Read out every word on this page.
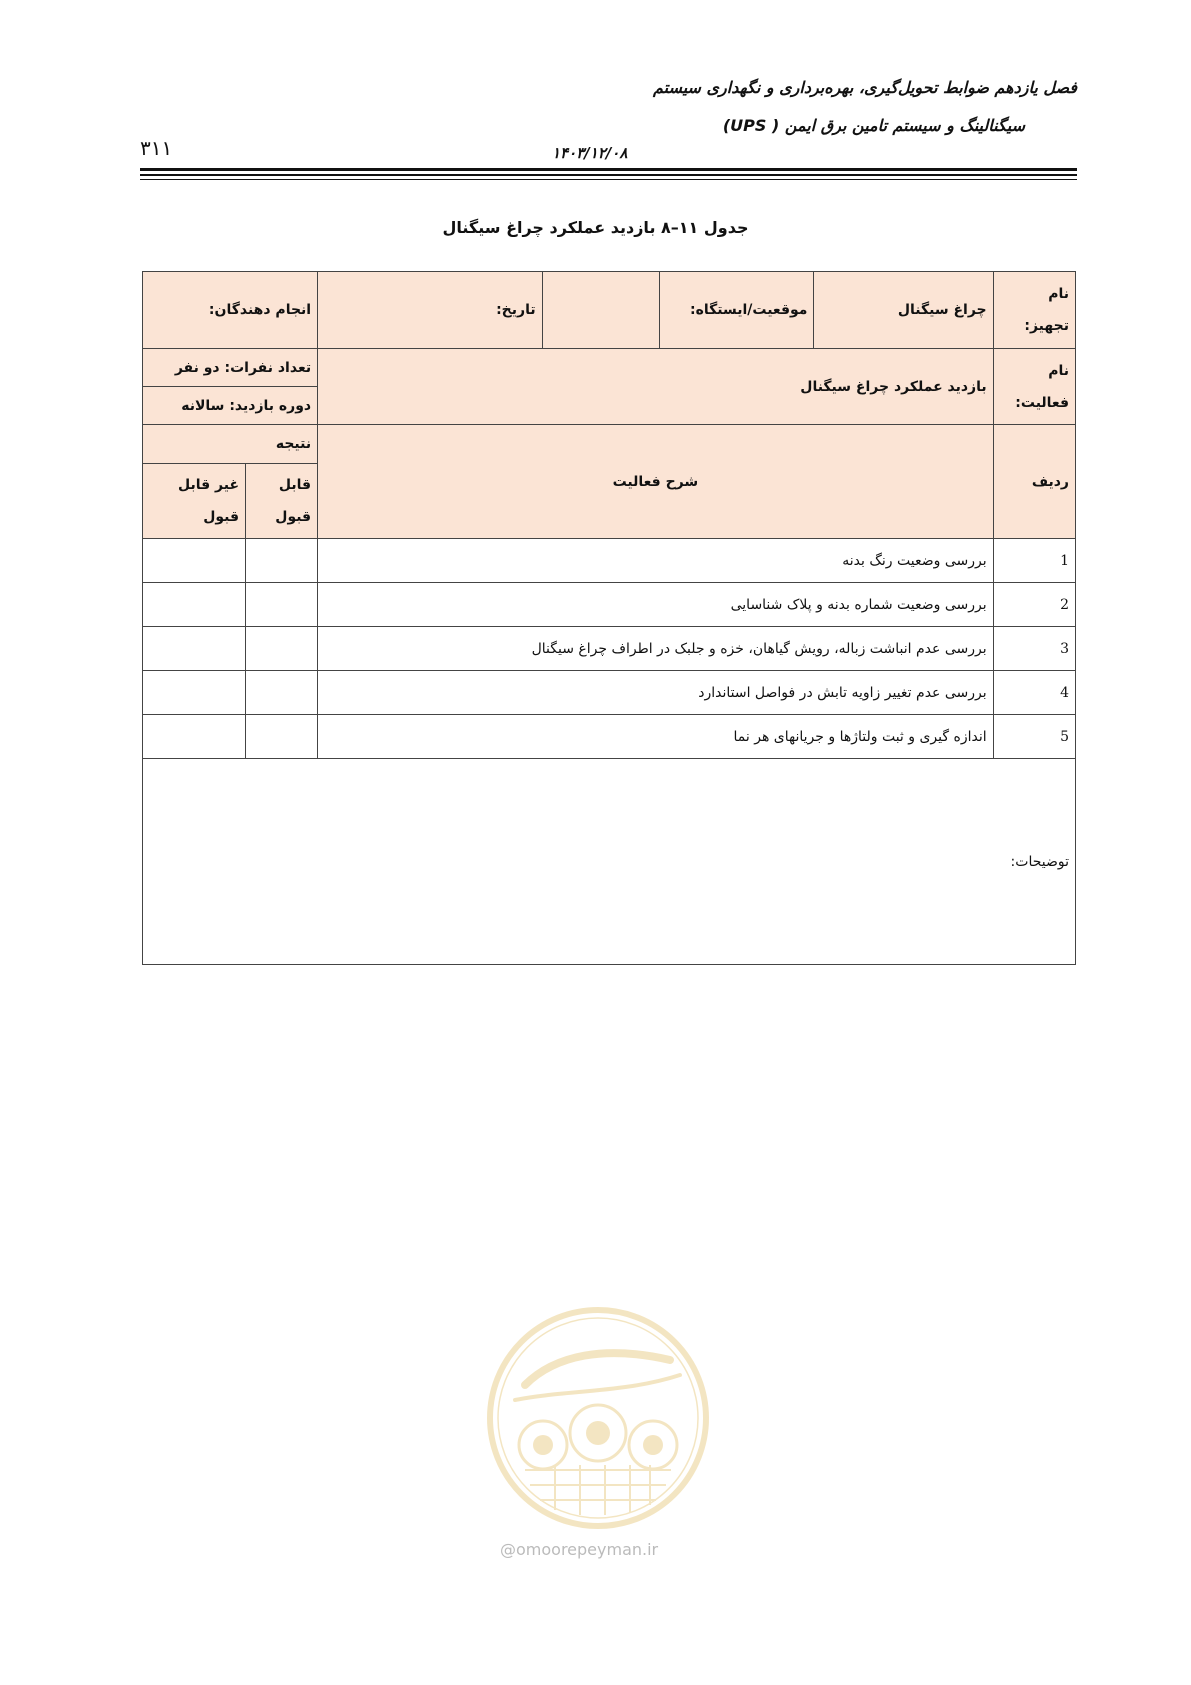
فصل یازدهم ضوابط تحویل‌گیری، بهره‌برداری و نگهداری سیستم
سیگنالینگ و سیستم تامین برق ایمن ( UPS)
۱۴۰۳/۱۲/۰۸
۳۱۱
جدول ۱۱–۸ بازدید عملکرد چراغ سیگنال
نام تجهیز:	چراغ سیگنال	موقعیت/ایستگاه:		تاریخ:	انجام دهندگان:	
نام فعالیت:	بازدید عملکرد چراغ سیگنال				تعداد نفرات: دو نفر	
					دوره بازدید: سالانه	
ردیف	شرح فعالیت				نتیجه	
					قابل قبول	غیر قابل قبول
1	بررسی وضعیت رنگ بدنه					
2	بررسی وضعیت شماره بدنه و پلاک شناسایی					
3	بررسی عدم انباشت زباله، رویش گیاهان، خزه و جلبک در اطراف چراغ سیگنال					
4	بررسی عدم تغییر زاویه تابش در فواصل استاندارد					
5	اندازه گیری و ثبت ولتاژها و جریانهای هر نما					
توضیحات:						
@omoorepeyman.ir
